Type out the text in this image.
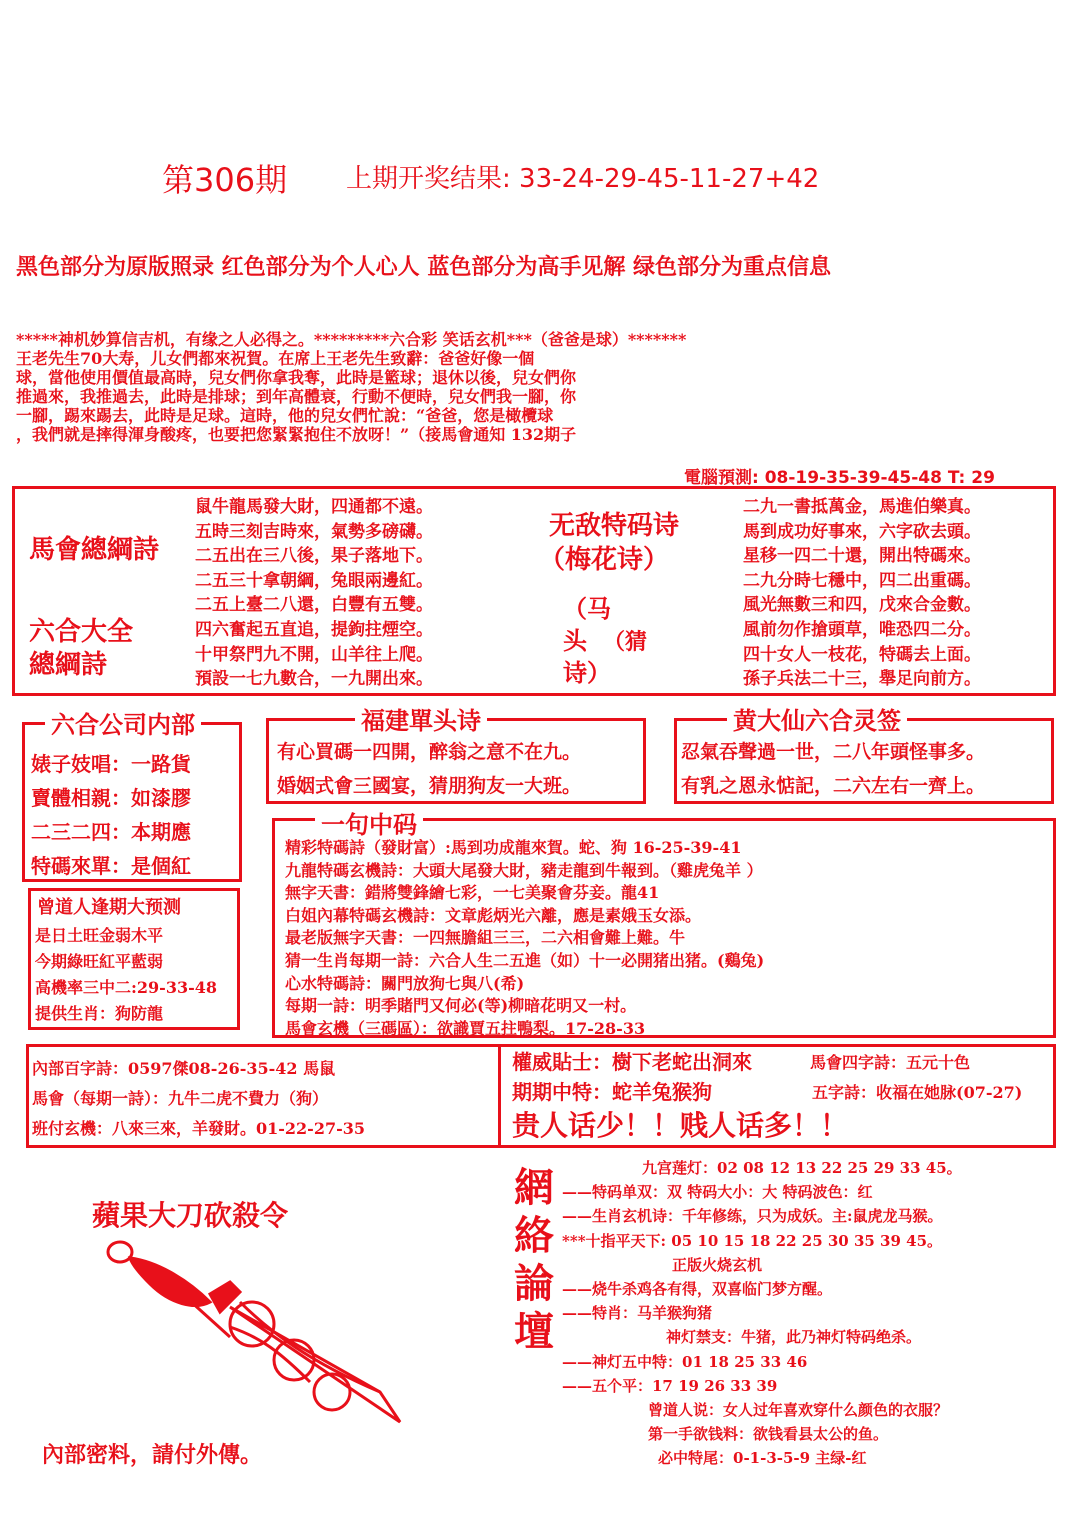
第306期 上期开奖结果: 33-24-29-45-11-27+42
黑色部分为原版照录 红色部分为个人心人 蓝色部分为高手见解 绿色部分为重点信息
*****神机妙算信吉机，有缘之人必得之。*********六合彩 笑话玄机***（爸爸是球）*******
王老先生70大寿，儿女們都來祝賀。在席上王老先生致辭：爸爸好像一個
球，當他使用價值最高時，兒女們你拿我奪，此時是籃球；退休以後，兒女們你
推過來，我推過去，此時是排球；到年高體衰，行動不便時，兒女們我一腳，你
一腳，踢來踢去，此時是足球。這時，他的兒女們忙說：“爸爸，您是橄欖球
，我們就是摔得渾身酸疼，也要把您緊緊抱住不放呀！”（接馬會通知 132期子
電腦預測: 08-19-35-39-45-48 T: 29
馬會總綱詩
六合大全
總綱詩
鼠牛龍馬發大財，四通都不遠。
五時三刻吉時來，氣勢多磅礴。
二五出在三八後，果子落地下。
二五三十拿朝綱，兔眼兩邊紅。
二五上臺二八還，白豐有五雙。
四六奮起五直追，提鉤拄煙空。
十甲祭門九不開，山羊往上爬。
預設一七九數合，一九開出來。
无敌特码诗
（梅花诗）
（马头诗）
（猜
二九一書抵萬金，馬進伯樂真。
馬到成功好事來，六字砍去頭。
星移一四二十還，開出特碼來。
二九分時七穩中，四二出重碼。
風光無數三和四，戊來合金數。
風前勿作搶頭草，唯恐四二分。
四十女人一枝花，特碼去上面。
孫子兵法二十三，舉足向前方。
六合公司内部
婊子妓唱：一路貨
賣體相親：如漆膠
二三二四：本期應
特碼來單：是個紅
福建單头诗
有心買碼一四開，醉翁之意不在九。
婚姻式會三國宴，猜朋狗友一大班。
黄大仙六合灵签
忍氣吞聲過一世，二八年頭怪事多。
有乳之恩永惦記，二六左右一齊上。
一句中码
精彩特碼詩（發財富）:馬到功成龍來賀。蛇、狗 16-25-39-41
九龍特碼玄機詩：大頭大尾發大財，豬走龍到牛報到。（雞虎兔羊 ）
無字天書：錯將雙鋒繪七彩，一七美聚會芬妾。龍41
白姐內幕特碼玄機詩：文章彪炳光六離，應是素娥玉女添。
最老版無字天書：一四無膽組三三，二六相會難上難。牛
猜一生肖每期一詩：六合人生二五進（如）十一必開猪出猪。(鷄兔)
心水特碼詩：關門放狗七與八(希)
每期一詩：明季賭門又何必(等)柳暗花明又一村。
馬會玄機（三碼區）：欲識賈五拄鴨梨。17-28-33
曾道人逢期大预测
是日土旺金弱木平
今期綠旺紅平藍弱
高機率三中二:29-33-48
提供生肖：狗防龍
內部百字詩：0597傑08-26-35-42 馬鼠
馬會（每期一詩）：九牛二虎不費力（狗）
班付玄機：八來三來，羊發財。01-22-27-35
權威貼士：樹下老蛇出洞來	馬會四字詩：五元十色
期期中特：蛇羊兔猴狗	五字詩：收福在她脉(07-27)
贵人话少！！贱人话多！！
蘋果大刀砍殺令
內部密料，請付外傳。
網絡論壇
九宫莲灯：02 08 12 13 22 25 29 33 45。
——特码单双：双 特码大小：大 特码波色：红
——生肖玄机诗：千年修练，只为成妖。主:鼠虎龙马猴。
***十指平天下: 05 10 15 18 22 25 30 35 39 45。
正版火烧玄机
——烧牛杀鸡各有得，双喜临门梦方醒。
——特肖：马羊猴狗猪
神灯禁支：牛猪，此乃神灯特码绝杀。
——神灯五中特：01 18 25 33 46
——五个平：17 19 26 33 39
曾道人说：女人过年喜欢穿什么颜色的衣服？
第一手欲钱料：欲钱看县太公的鱼。
必中特尾：0-1-3-5-9 主绿-红
